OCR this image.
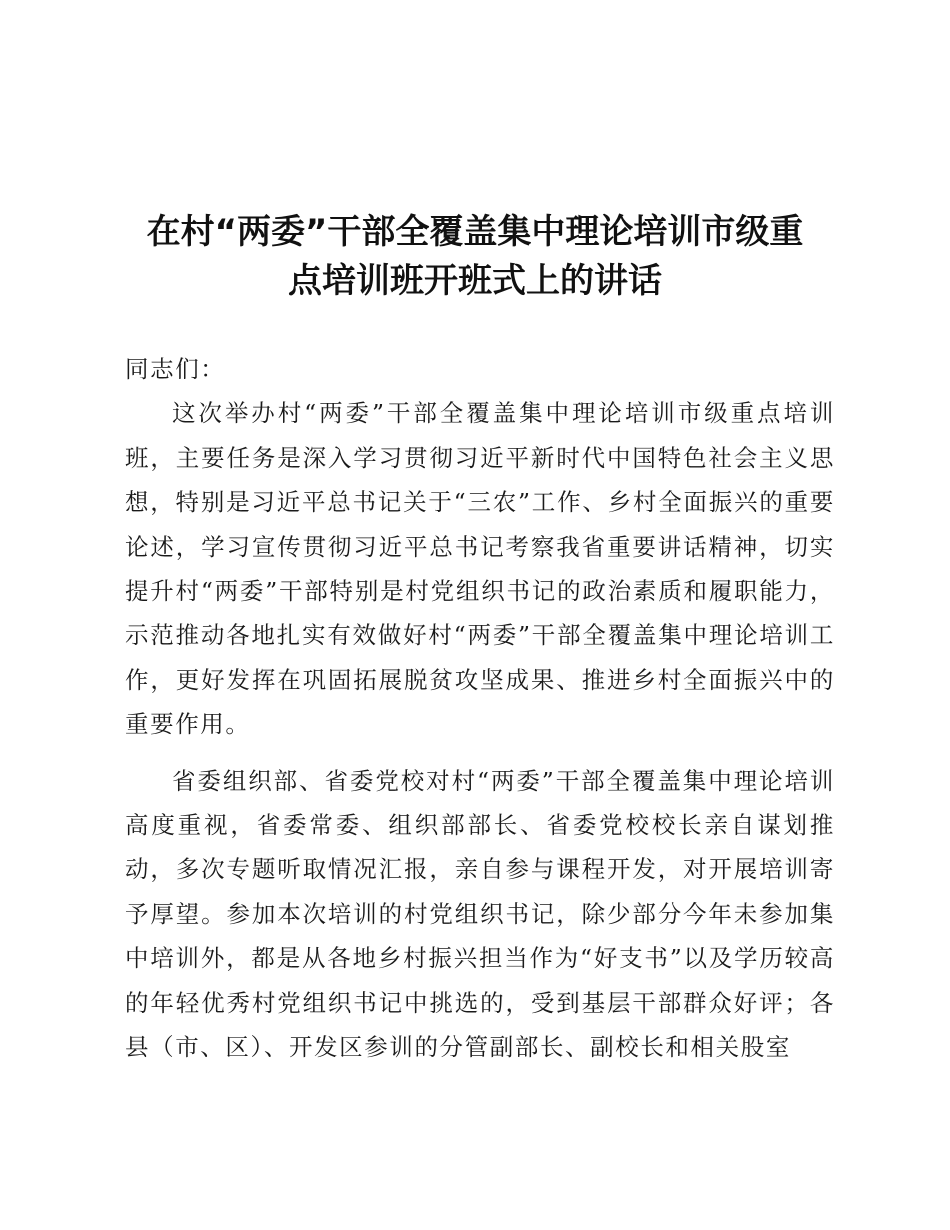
在村“两委”干部全覆盖集中理论培训市级重
点培训班开班式上的讲话

同志们：

这次举办村“两委”干部全覆盖集中理论培训市级重点培训班，主要任务是深入学习贯彻习近平新时代中国特色社会主义思想，特别是习近平总书记关于“三农”工作、乡村全面振兴的重要论述，学习宣传贯彻习近平总书记考察我省重要讲话精神，切实提升村“两委”干部特别是村党组织书记的政治素质和履职能力，示范推动各地扎实有效做好村“两委”干部全覆盖集中理论培训工作，更好发挥在巩固拓展脱贫攻坚成果、推进乡村全面振兴中的重要作用。

省委组织部、省委党校对村“两委”干部全覆盖集中理论培训高度重视，省委常委、组织部部长、省委党校校长亲自谋划推动，多次专题听取情况汇报，亲自参与课程开发，对开展培训寄予厚望。参加本次培训的村党组织书记，除少部分今年未参加集中培训外，都是从各地乡村振兴担当作为“好支书”以及学历较高的年轻优秀村党组织书记中挑选的，受到基层干部群众好评；各县（市、区）、开发区参训的分管副部长、副校长和相关股室
